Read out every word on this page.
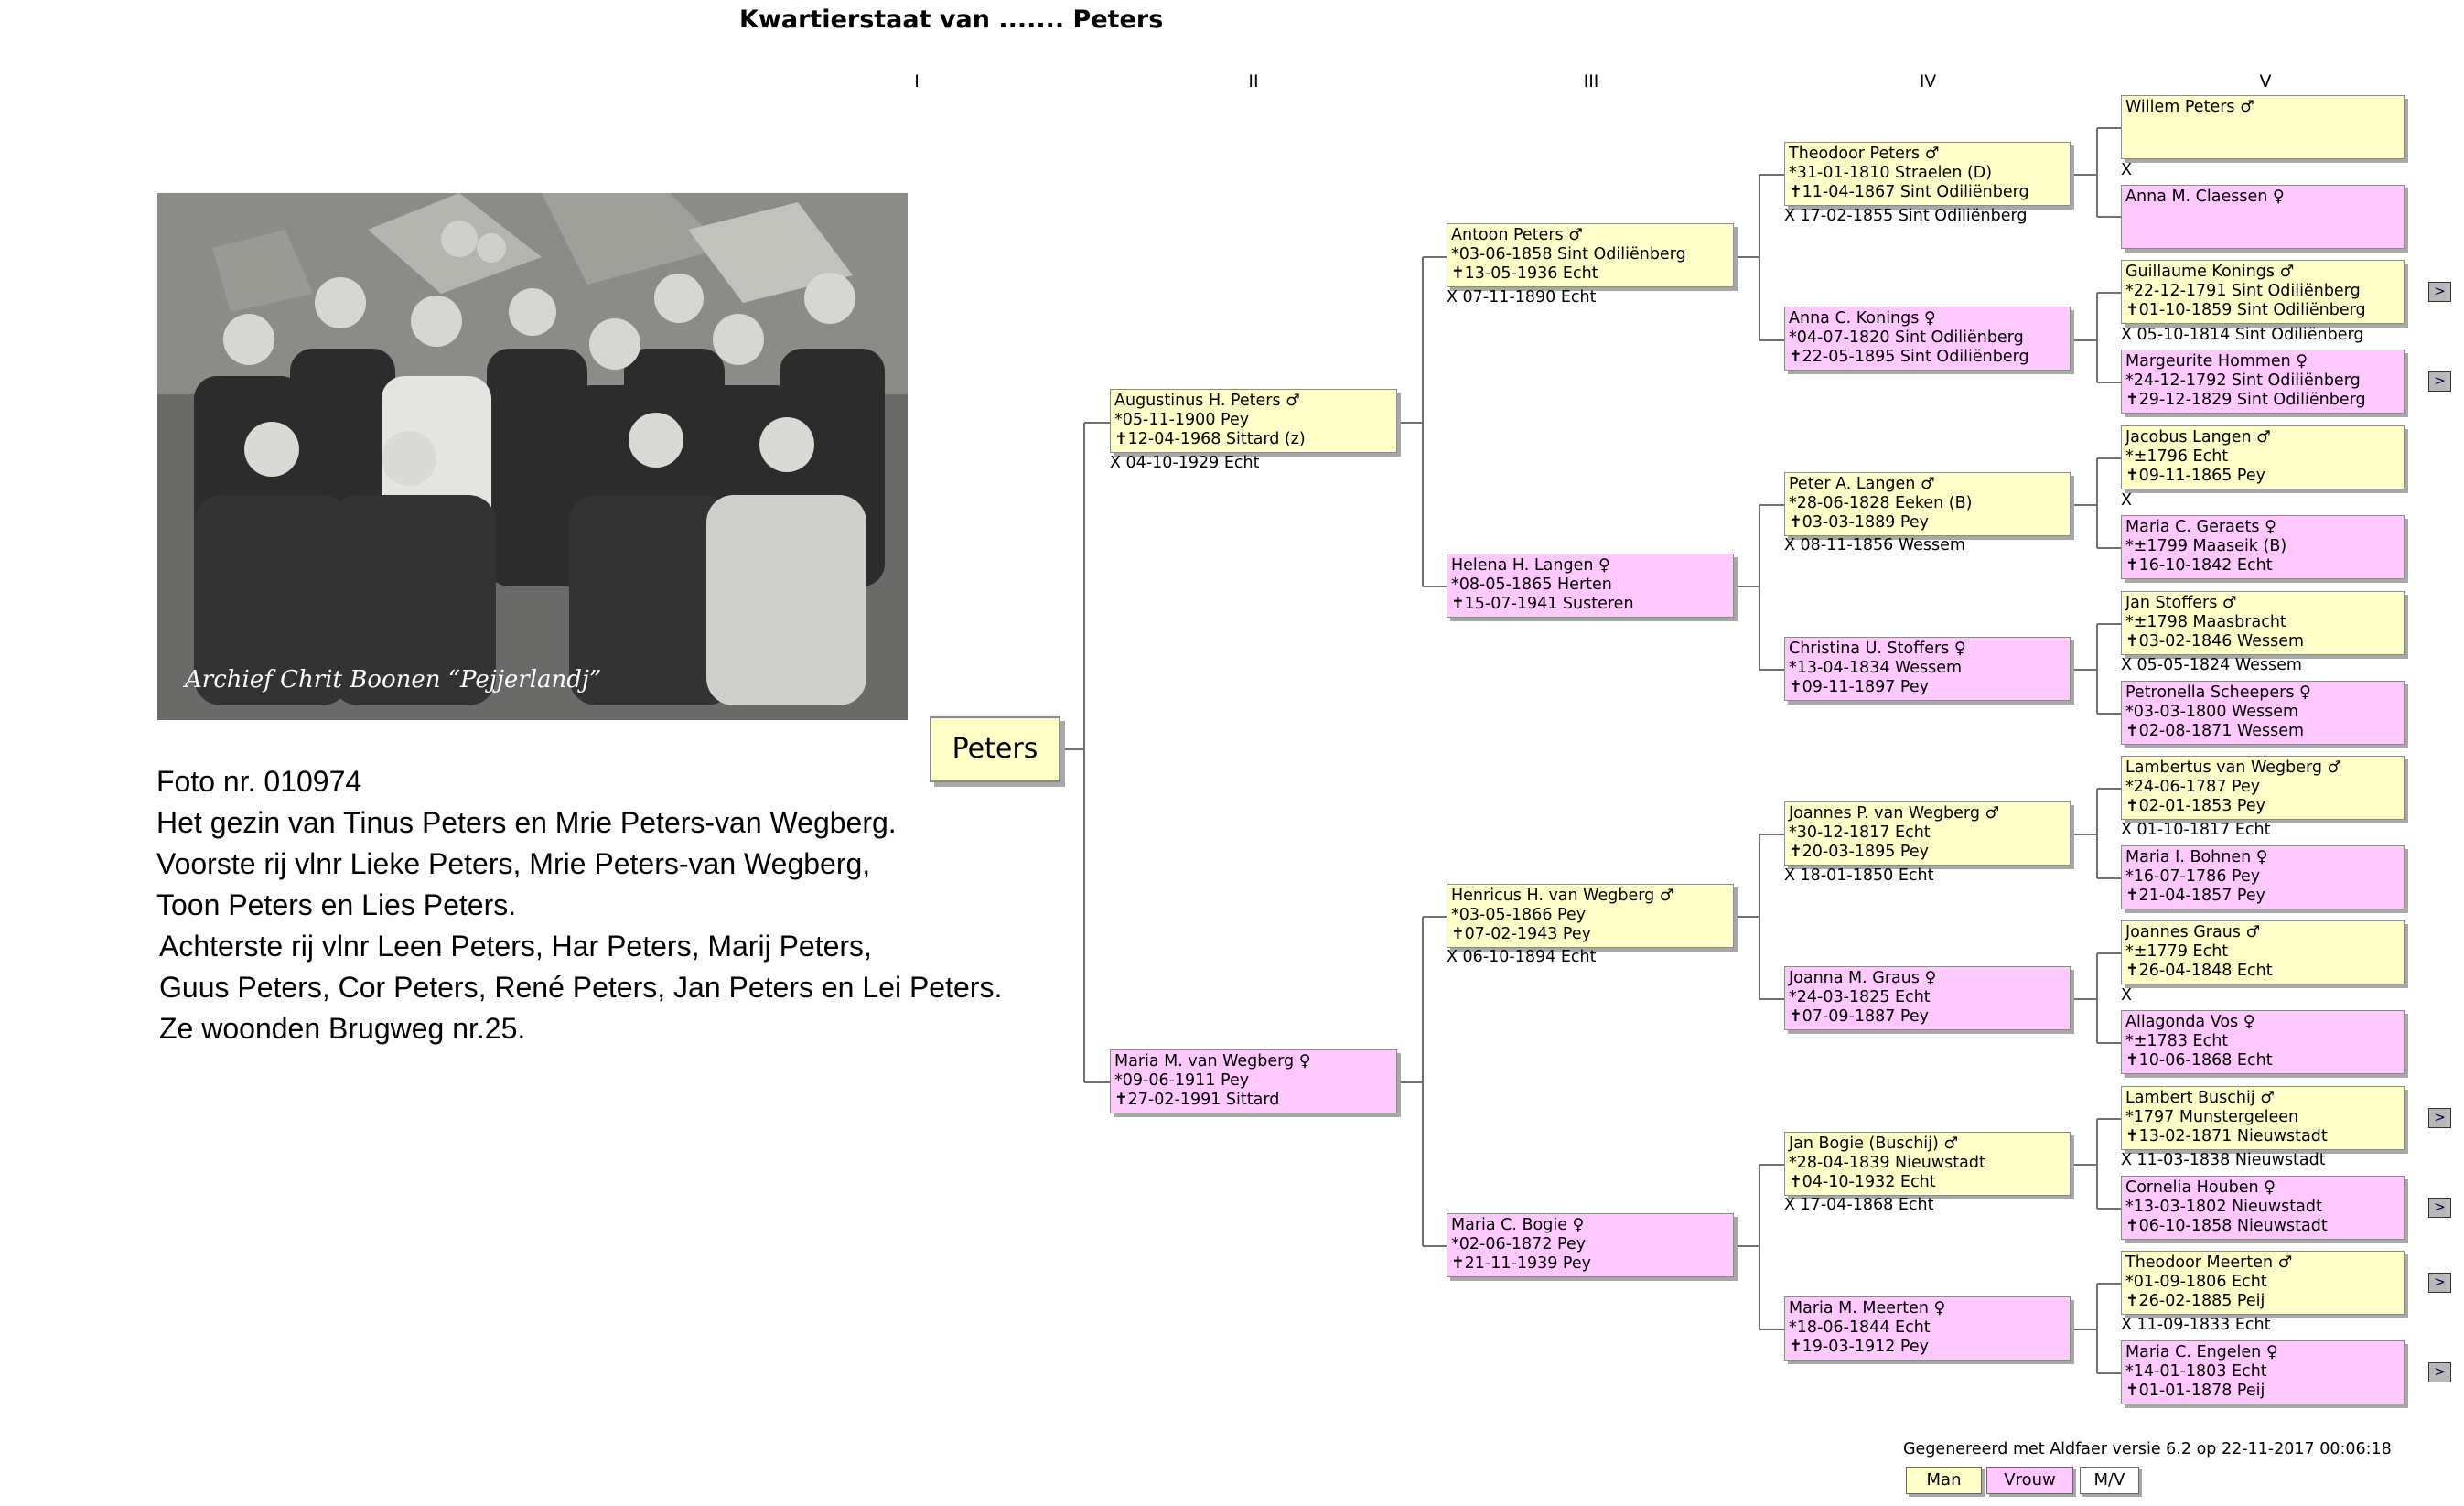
Kwartierstaat van ....... Peters
I	II	III	IV	V
Archief Chrit Boonen “Pejjerlandj”
Foto nr. 010974
Het gezin van Tinus Peters en Mrie Peters-van Wegberg.
Voorste rij vlnr Lieke Peters, Mrie Peters-van Wegberg,
Toon Peters en Lies Peters.
Achterste rij vlnr Leen Peters, Har Peters, Marij Peters,
Guus Peters, Cor Peters, René Peters, Jan Peters en Lei Peters.
Ze woonden Brugweg nr.25.
Peters
Augustinus H. Peters ♂
*05-11-1900 Pey
✝12-04-1968 Sittard (z)
Maria M. van Wegberg ♀
*09-06-1911 Pey
✝27-02-1991 Sittard
X 04-10-1929 Echt
Antoon Peters ♂
*03-06-1858 Sint Odiliënberg
✝13-05-1936 Echt
Helena H. Langen ♀
*08-05-1865 Herten
✝15-07-1941 Susteren
Henricus H. van Wegberg ♂
*03-05-1866 Pey
✝07-02-1943 Pey
Maria C. Bogie ♀
*02-06-1872 Pey
✝21-11-1939 Pey
X 07-11-1890 Echt
X 06-10-1894 Echt
Theodoor Peters ♂
*31-01-1810 Straelen (D)
✝11-04-1867 Sint Odiliënberg
Anna C. Konings ♀
*04-07-1820 Sint Odiliënberg
✝22-05-1895 Sint Odiliënberg
Peter A. Langen ♂
*28-06-1828 Eeken (B)
✝03-03-1889 Pey
Christina U. Stoffers ♀
*13-04-1834 Wessem
✝09-11-1897 Pey
Joannes P. van Wegberg ♂
*30-12-1817 Echt
✝20-03-1895 Pey
Joanna M. Graus ♀
*24-03-1825 Echt
✝07-09-1887 Pey
Jan Bogie (Buschij) ♂
*28-04-1839 Nieuwstadt
✝04-10-1932 Echt
Maria M. Meerten ♀
*18-06-1844 Echt
✝19-03-1912 Pey
X 17-02-1855 Sint Odiliënberg
X 08-11-1856 Wessem
X 18-01-1850 Echt
X 17-04-1868 Echt
Willem Peters ♂
Anna M. Claessen ♀
Guillaume Konings ♂
*22-12-1791 Sint Odiliënberg
✝01-10-1859 Sint Odiliënberg
Margeurite Hommen ♀
*24-12-1792 Sint Odiliënberg
✝29-12-1829 Sint Odiliënberg
Jacobus Langen ♂
*±1796 Echt
✝09-11-1865 Pey
Maria C. Geraets ♀
*±1799 Maaseik (B)
✝16-10-1842 Echt
Jan Stoffers ♂
*±1798 Maasbracht
✝03-02-1846 Wessem
Petronella Scheepers ♀
*03-03-1800 Wessem
✝02-08-1871 Wessem
Lambertus van Wegberg ♂
*24-06-1787 Pey
✝02-01-1853 Pey
Maria I. Bohnen ♀
*16-07-1786 Pey
✝21-04-1857 Pey
Joannes Graus ♂
*±1779 Echt
✝26-04-1848 Echt
Allagonda Vos ♀
*±1783 Echt
✝10-06-1868 Echt
Lambert Buschij ♂
*1797 Munstergeleen
✝13-02-1871 Nieuwstadt
Cornelia Houben ♀
*13-03-1802 Nieuwstadt
✝06-10-1858 Nieuwstadt
Theodoor Meerten ♂
*01-09-1806 Echt
✝26-02-1885 Peij
Maria C. Engelen ♀
*14-01-1803 Echt
✝01-01-1878 Peij
X
X 05-10-1814 Sint Odiliënberg
X
X 05-05-1824 Wessem
X 01-10-1817 Echt
X
X 11-03-1838 Nieuwstadt
X 11-09-1833 Echt
>
>
>
>
>
>
Gegenereerd met Aldfaer versie 6.2 op 22-11-2017 00:06:18
Man	Vrouw	M/V
